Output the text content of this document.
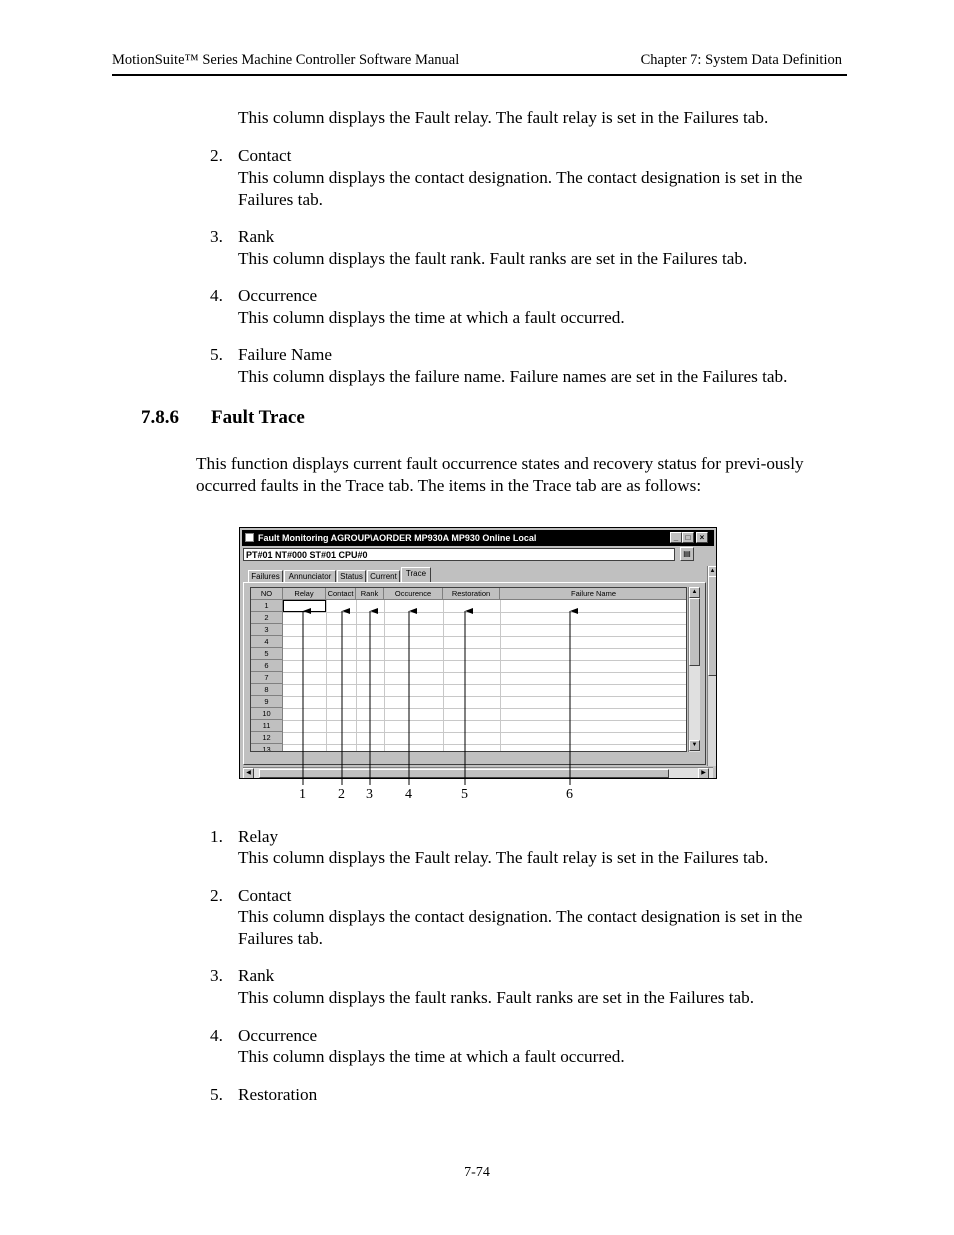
MotionSuite™ Series Machine Controller Software Manual	Chapter 7: System Data Definition
This column displays the Fault relay. The fault relay is set in the Failures tab.
2. Contact
This column displays the contact designation. The contact designation is set in the Failures tab.
3. Rank
This column displays the fault rank. Fault ranks are set in the Failures tab.
4. Occurrence
This column displays the time at which a fault occurred.
5. Failure Name
This column displays the failure name. Failure names are set in the Failures tab.
7.8.6 Fault Trace
This function displays current fault occurrence states and recovery status for previ-ously occurred faults in the Trace tab. The items in the Trace tab are as follows:
Fault Monitoring AGROUP\AORDER MP930A MP930 Online Local	_ □	×
PT#01 NT#000 ST#01 CPU#0	▤
Failures	Annunciator	Status Current	Trace
NO	Relay	Contact Rank	Occurence	Restoration	Failure Name
1
2
3
4
5
6
7
8
9
10
11
12
13
▲
▼
▲
◀	▶
1 2 3 4	5	6
1. Relay
This column displays the Fault relay. The fault relay is set in the Failures tab.
2. Contact
This column displays the contact designation. The contact designation is set in the Failures tab.
3. Rank
This column displays the fault ranks. Fault ranks are set in the Failures tab.
4. Occurrence
This column displays the time at which a fault occurred.
5. Restoration
7-74
